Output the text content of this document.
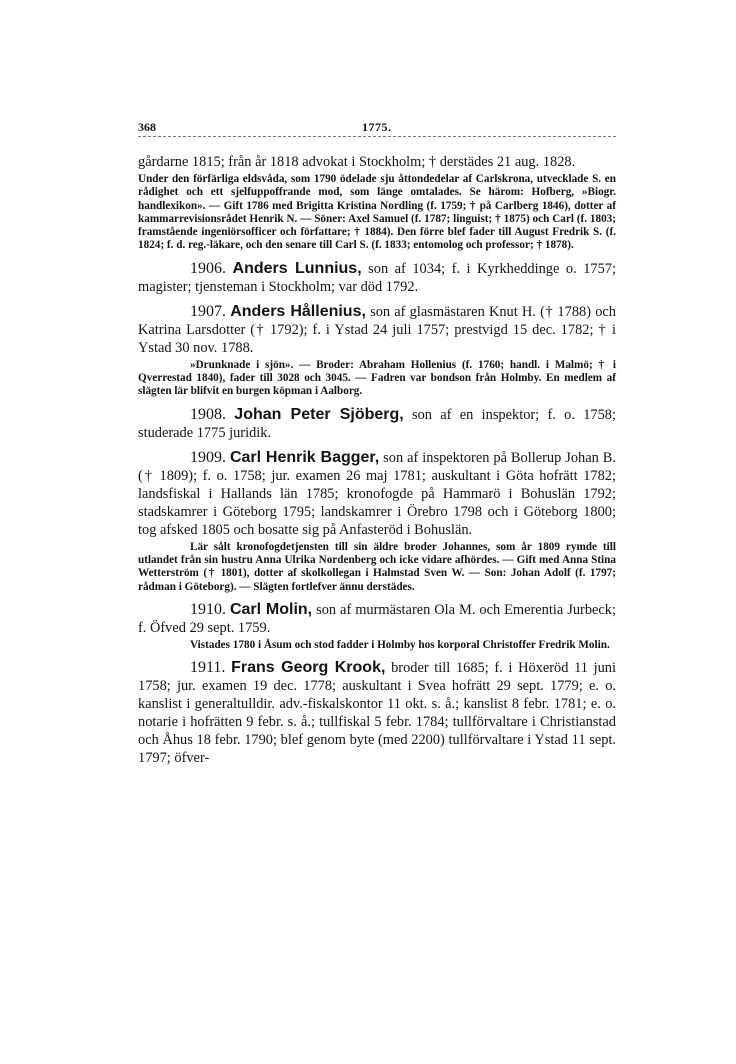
368	1775.

gårdarne 1815; från år 1818 advokat i Stockholm; † derstädes 21 aug. 1828.

Under den förfärliga eldsvåda, som 1790 ödelade sju åttondedelar af Carlskrona, utvecklade S. en rådighet och ett sjelfuppoffrande mod, som länge omtalades. Se härom: Hofberg, »Biogr. handlexikon». — Gift 1786 med Brigitta Kristina Nordling (f. 1759; † på Carlberg 1846), dotter af kammarrevisionsrådet Henrik N. — Söner: Axel Samuel (f. 1787; linguist; † 1875) och Carl (f. 1803; framstående ingeniörsofficer och författare; † 1884). Den förre blef fader till August Fredrik S. (f. 1824; f. d. reg.-läkare, och den senare till Carl S. (f. 1833; entomolog och professor; † 1878).

1906. Anders Lunnius, son af 1034; f. i Kyrkheddinge o. 1757; magister; tjensteman i Stockholm; var död 1792.

1907. Anders Hållenius, son af glasmästaren Knut H. († 1788) och Katrina Larsdotter († 1792); f. i Ystad 24 juli 1757; prestvigd 15 dec. 1782; † i Ystad 30 nov. 1788.

»Drunknade i sjön». — Broder: Abraham Hollenius (f. 1760; handl. i Malmö; † i Qverrestad 1840), fader till 3028 och 3045. — Fadren var bondson från Holmby. En medlem af slägten lär blifvit en burgen köpman i Aalborg.

1908. Johan Peter Sjöberg, son af en inspektor; f. o. 1758; studerade 1775 juridik.

1909. Carl Henrik Bagger, son af inspektoren på Bollerup Johan B. († 1809); f. o. 1758; jur. examen 26 maj 1781; auskultant i Göta hofrätt 1782; landsfiskal i Hallands län 1785; kronofogde på Hammarö i Bohuslän 1792; stadskamrer i Göteborg 1795; landskamrer i Örebro 1798 och i Göteborg 1800; tog afsked 1805 och bosatte sig på Anfasteröd i Bohuslän.

Lär sålt kronofogdetjensten till sin äldre broder Johannes, som år 1809 rymde till utlandet från sin hustru Anna Ulrika Nordenberg och icke vidare afhördes. — Gift med Anna Stina Wetterström († 1801), dotter af skolkollegan i Halmstad Sven W. — Son: Johan Adolf (f. 1797; rådman i Göteborg). — Slägten fortlefver ännu derstädes.

1910. Carl Molin, son af murmästaren Ola M. och Emerentia Jurbeck; f. Öfved 29 sept. 1759.

Vistades 1780 i Åsum och stod fadder i Holmby hos korporal Christoffer Fredrik Molin.

1911. Frans Georg Krook, broder till 1685; f. i Höxeröd 11 juni 1758; jur. examen 19 dec. 1778; auskultant i Svea hofrätt 29 sept. 1779; e. o. kanslist i generaltulldir. adv.-fiskalskontor 11 okt. s. å.; kanslist 8 febr. 1781; e. o. notarie i hofrätten 9 febr. s. å.; tullfiskal 5 febr. 1784; tullförvaltare i Christianstad och Åhus 18 febr. 1790; blef genom byte (med 2200) tullförvaltare i Ystad 11 sept. 1797; öfver-
